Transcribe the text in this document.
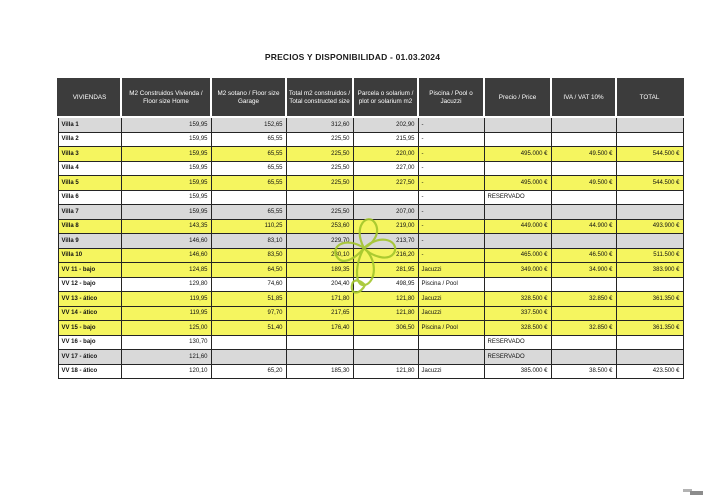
PRECIOS Y DISPONIBILIDAD - 01.03.2024
VIVIENDAS	M2 Construidos Vivienda / Floor size Home	M2 sotano / Floor size Garage	Total m2 construidos / Total constructed size	Parcela o solarium / plot or solarium m2	Piscina / Pool o Jacuzzi	Precio / Price	IVA / VAT 10%	TOTAL
Villa 1	159,95	152,65	312,60	202,90	-			
Villa 2	159,95	65,55	225,50	215,95	-			
Villa 3	159,95	65,55	225,50	220,00	-	495.000 €	49.500 €	544.500 €
Villa 4	159,95	65,55	225,50	227,00	-			
Villa 5	159,95	65,55	225,50	227,50	-	495.000 €	49.500 €	544.500 €
Villa 6	159,95				-	RESERVADO		
Villa 7	159,95	65,55	225,50	207,00	-			
Villa 8	143,35	110,25	253,60	219,00	-	449.000 €	44.900 €	493.900 €
Villa 9	146,60	83,10	229,70	213,70	-			
Villa 10	146,60	83,50	230,10	216,20	-	465.000 €	46.500 €	511.500 €
VV 11 - bajo	124,85	64,50	189,35	281,95	Jacuzzi	349.000 €	34.900 €	383.900 €
VV 12 - bajo	129,80	74,60	204,40	498,95	Piscina / Pool			
VV 13 - ático	119,95	51,85	171,80	121,80	Jacuzzi	328.500 €	32.850 €	361.350 €
VV 14 - ático	119,95	97,70	217,65	121,80	Jacuzzi	337.500 €		
VV 15 - bajo	125,00	51,40	176,40	306,50	Piscina / Pool	328.500 €	32.850 €	361.350 €
VV 16 - bajo	130,70					RESERVADO		
VV 17 - ático	121,60					RESERVADO		
VV 18 - ático	120,10	65,20	185,30	121,80	Jacuzzi	385.000 €	38.500 €	423.500 €
